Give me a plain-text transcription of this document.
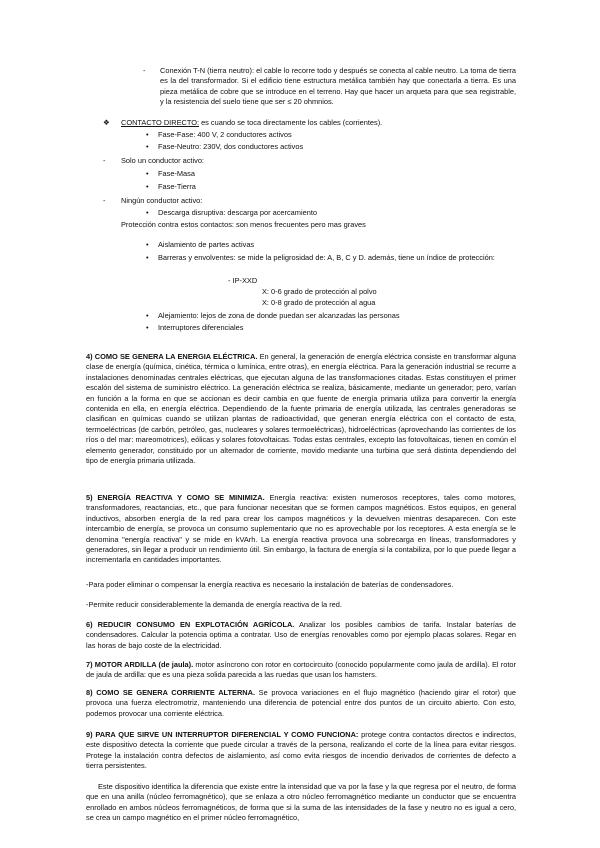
- Conexión T-N (tierra neutro): el cable lo recorre todo y después se conecta al cable neutro. La toma de tierra es la del transformador. Si el edificio tiene estructura metálica también hay que conectarla a tierra. Es una pieza metálica de cobre que se introduce en el terreno. Hay que hacer un arqueta para que sea registrable, y la resistencia del suelo tiene que ser ≤ 20 ohmnios.
❖ CONTACTO DIRECTO: es cuando se toca directamente los cables (corrientes).
• Fase-Fase: 400 V, 2 conductores activos
• Fase-Neutro: 230V, dos conductores activos
- Solo un conductor activo:
• Fase-Masa
• Fase-Tierra
- Ningún conductor activo:
• Descarga disruptiva: descarga por acercamiento
Protección contra estos contactos: son menos frecuentes pero mas graves
• Aislamiento de partes activas
• Barreras y envolventes: se mide la peligrosidad de: A, B, C y D. además, tiene un índice de protección:
- IP-XXD
X: 0-6 grado de protección al polvo
X: 0-8 grado de protección al agua
• Alejamiento: lejos de zona de donde puedan ser alcanzadas las personas
• Interruptores diferenciales

4) COMO SE GENERA LA ENERGIA ELÉCTRICA. En general, la generación de energía eléctrica consiste en transformar alguna clase de energía (química, cinética, térmica o lumínica, entre otras), en energía eléctrica. Para la generación industrial se recurre a instalaciones denominadas centrales eléctricas, que ejecutan alguna de las transformaciones citadas. Estas constituyen el primer escalón del sistema de suministro eléctrico. La generación eléctrica se realiza, básicamente, mediante un generador; pero, varían en función a la forma en que se accionan es decir cambia en que fuente de energía primaria utiliza para convertir la energía contenida en ella, en energía eléctrica. Dependiendo de la fuente primaria de energía utilizada, las centrales generadoras se clasifican en químicas cuando se utilizan plantas de radioactividad, que generan energía eléctrica con el contacto de esta, termoeléctricas (de carbón, petróleo, gas, nucleares y solares termoeléctricas), hidroeléctricas (aprovechando las corrientes de los ríos o del mar: mareomotrices), eólicas y solares fotovoltaicas. Todas estas centrales, excepto las fotovoltaicas, tienen en común el elemento generador, constituido por un alternador de corriente, movido mediante una turbina que será distinta dependiendo del tipo de energía primaria utilizada.

5) ENERGÍA REACTIVA Y COMO SE MINIMIZA. Energía reactiva: existen numerosos receptores, tales como motores, transformadores, reactancias, etc., que para funcionar necesitan que se formen campos magnéticos. Estos equipos, en general inductivos, absorben energía de la red para crear los campos magnéticos y la devuelven mientras desaparecen. Con este intercambio de energía, se provoca un consumo suplementario que no es aprovechable por los receptores. A esta energía se le denomina "energía reactiva" y se mide en kVArh. La energía reactiva provoca una sobrecarga en líneas, transformadores y generadores, sin llegar a producir un rendimiento útil. Sin embargo, la factura de energía si la contabiliza, por lo que puede llegar a incrementarla en cantidades importantes.

-Para poder eliminar o compensar la energía reactiva es necesario la instalación de baterías de condensadores.

-Permite reducir considerablemente la demanda de energía reactiva de la red.

6) REDUCIR CONSUMO EN EXPLOTACIÓN AGRÍCOLA. Analizar los posibles cambios de tarifa. Instalar baterías de condensadores. Calcular la potencia optima a contratar. Uso de energías renovables como por ejemplo placas solares. Regar en las horas de bajo coste de la electricidad.

7) MOTOR ARDILLA (de jaula). motor asíncrono con rotor en cortocircuito (conocido popularmente como jaula de ardilla). El rotor de jaula de ardilla: que es una pieza solida parecida a las ruedas que usan los hamsters.

8) COMO SE GENERA CORRIENTE ALTERNA. Se provoca variaciones en el flujo magnético (haciendo girar el rotor) que provoca una fuerza electromotriz, manteniendo una diferencia de potencial entre dos puntos de un circuito abierto. Con esto, podemos provocar una corriente eléctrica.

9) PARA QUE SIRVE UN INTERRUPTOR DIFERENCIAL Y COMO FUNCIONA: protege contra contactos directos e indirectos, este dispositivo detecta la corriente que puede circular a través de la persona, realizando el corte de la línea para evitar riesgos. Protege la instalación contra defectos de aislamiento, así como evita riesgos de incendio derivados de corrientes de defecto a tierra persistentes.

Este dispositivo identifica la diferencia que existe entre la intensidad que va por la fase y la que regresa por el neutro, de forma que en una anilla (núcleo ferromagnético), que se enlaza a otro núcleo ferromagnético mediante un conductor que se encuentra enrollado en ambos núcleos ferromagnéticos, de forma que si la suma de las intensidades de la fase y neutro no es igual a cero, se crea un campo magnético en el primer núcleo ferromagnético,
